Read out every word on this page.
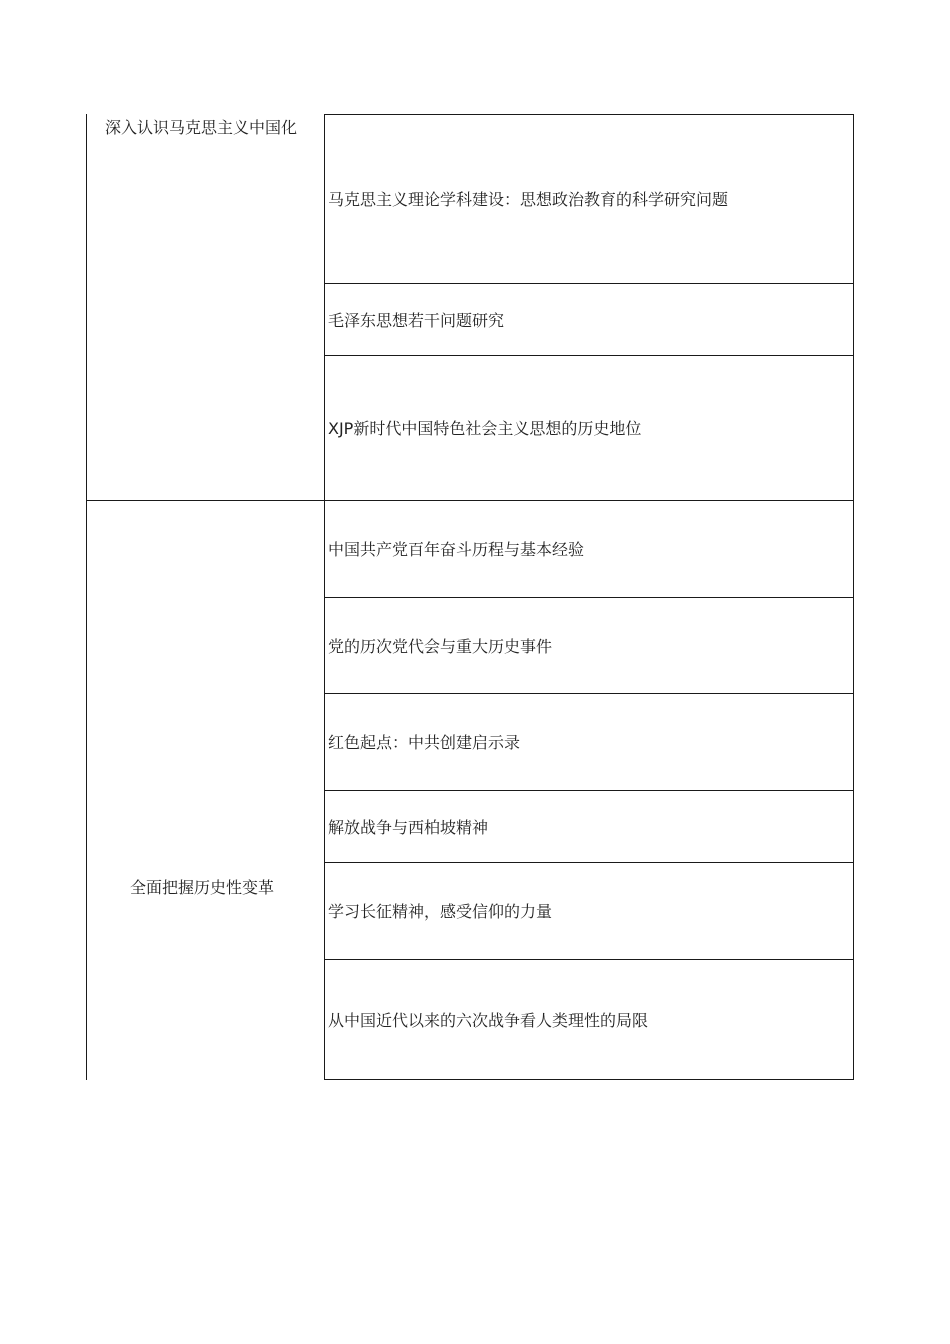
深入认识马克思主义中国化
全面把握历史性变革
马克思主义理论学科建设：思想政治教育的科学研究问题
毛泽东思想若干问题研究
XJP新时代中国特色社会主义思想的历史地位
中国共产党百年奋斗历程与基本经验
党的历次党代会与重大历史事件
红色起点：中共创建启示录
解放战争与西柏坡精神
学习长征精神，感受信仰的力量
从中国近代以来的六次战争看人类理性的局限
